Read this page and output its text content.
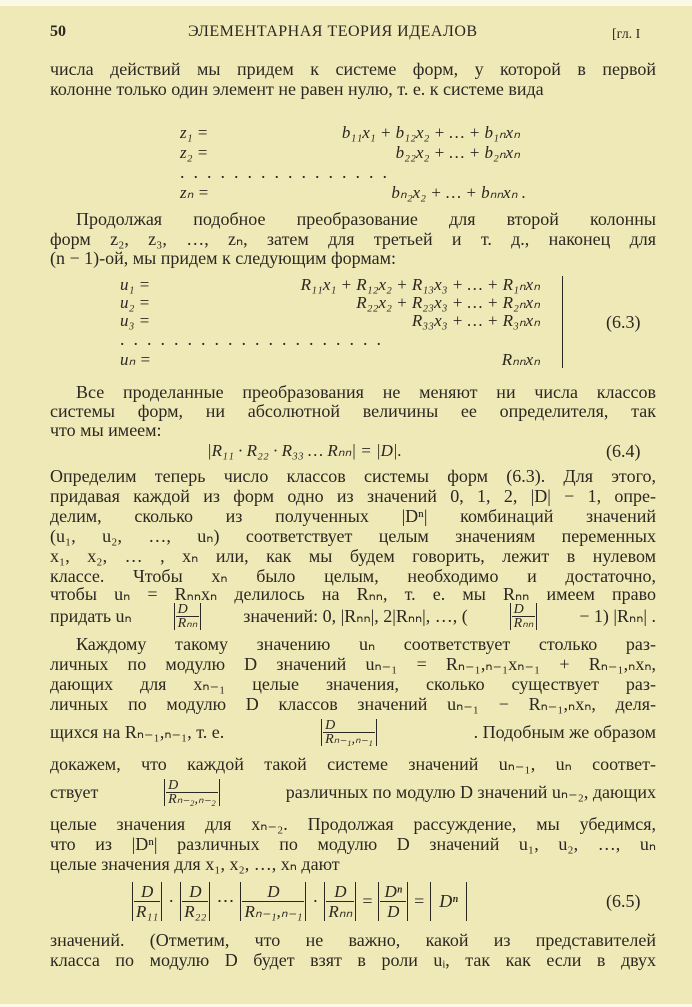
50	ЭЛЕМЕНТАРНАЯ ТЕОРИЯ ИДЕАЛОВ	[гл. I
z₁ =	b₁₁x₁ + b₁₂x₂ + … + b₁ₙxₙ
z₂ =	b₂₂x₂ + … + b₂ₙxₙ
................
zₙ =	bₙ₂x₂ + … + bₙₙxₙ .
u₁ =	R₁₁x₁ + R₁₂x₂ + R₁₃x₃ + … + R₁ₙxₙ
u₂ =	R₂₂x₂ + R₂₃x₃ + … + R₂ₙxₙ
u₃ =	R₃₃x₃ + … + R₃ₙxₙ
....................
uₙ =	Rₙₙxₙ
(6.3)
|R₁₁ · R₂₂ · R₃₃ … Rₙₙ| = |D|.	(6.4)
придать uₙ	$\frac{D}{\text{Rₙₙ}}$ значений: 0, |Rₙₙ|, 2|Rₙₙ|, …, (	$\frac{D}{\text{Rₙₙ}} - 1$) |Rₙₙ| .
щихся на Rₙ₋₁,ₙ₋₁, т. е.	$\frac{D}{\text{Rₙ₋₁,ₙ₋₁}}$	. Подобным же образом
ствует	$\frac{D}{\text{Rₙ₋₂,ₙ₋₂}}$	различных по модулю D значений uₙ₋₂, дающих
$\frac{D}{\text{R₁₁}} \cdot \frac{D}{\text{R₂₂}}$ ⋯ $\frac{D}{\text{Rₙ₋₁,ₙ₋₁}} \cdot \frac{D}{\text{Rₙₙ}} = \frac{\text{Dⁿ}}{D} = D^n$	(6.5)
числа действий мы придем к системе форм, у которой в первой
колонне только один элемент не равен нулю, т. е. к системе вида
Продолжая подобное преобразование для второй колонны
форм z₂, z₃, …, zₙ, затем для третьей и т. д., наконец для
(n − 1)-ой, мы придем к следующим формам:
Все проделанные преобразования не меняют ни числа классов
системы форм, ни абсолютной величины ее определителя, так
что мы имеем:
Определим теперь число классов системы форм (6.3). Для этого,
придавая каждой из форм одно из значений 0, 1, 2, |D| − 1, опре-
делим, сколько из полученных |Dⁿ| комбинаций значений
(u₁, u₂, …, uₙ) соответствует целым значениям переменных
x₁, x₂, … , xₙ или, как мы будем говорить, лежит в нулевом
классе. Чтобы xₙ было целым, необходимо и достаточно,
чтобы uₙ = Rₙₙxₙ делилось на Rₙₙ, т. е. мы Rₙₙ имеем право
Каждому такому значению uₙ соответствует столько раз-
личных по модулю D значений uₙ₋₁ = Rₙ₋₁,ₙ₋₁xₙ₋₁ + Rₙ₋₁,ₙxₙ,
дающих для xₙ₋₁ целые значения, сколько существует раз-
личных по модулю D классов значений uₙ₋₁ − Rₙ₋₁,ₙxₙ, деля-
докажем, что каждой такой системе значений uₙ₋₁, uₙ соответ-
целые значения для xₙ₋₂. Продолжая рассуждение, мы убедимся,
что из |Dⁿ| различных по модулю D значений u₁, u₂, …, uₙ
целые значения для x₁, x₂, …, xₙ дают
значений. (Отметим, что не важно, какой из представителей
класса по модулю D будет взят в роли uᵢ, так как если в двух
